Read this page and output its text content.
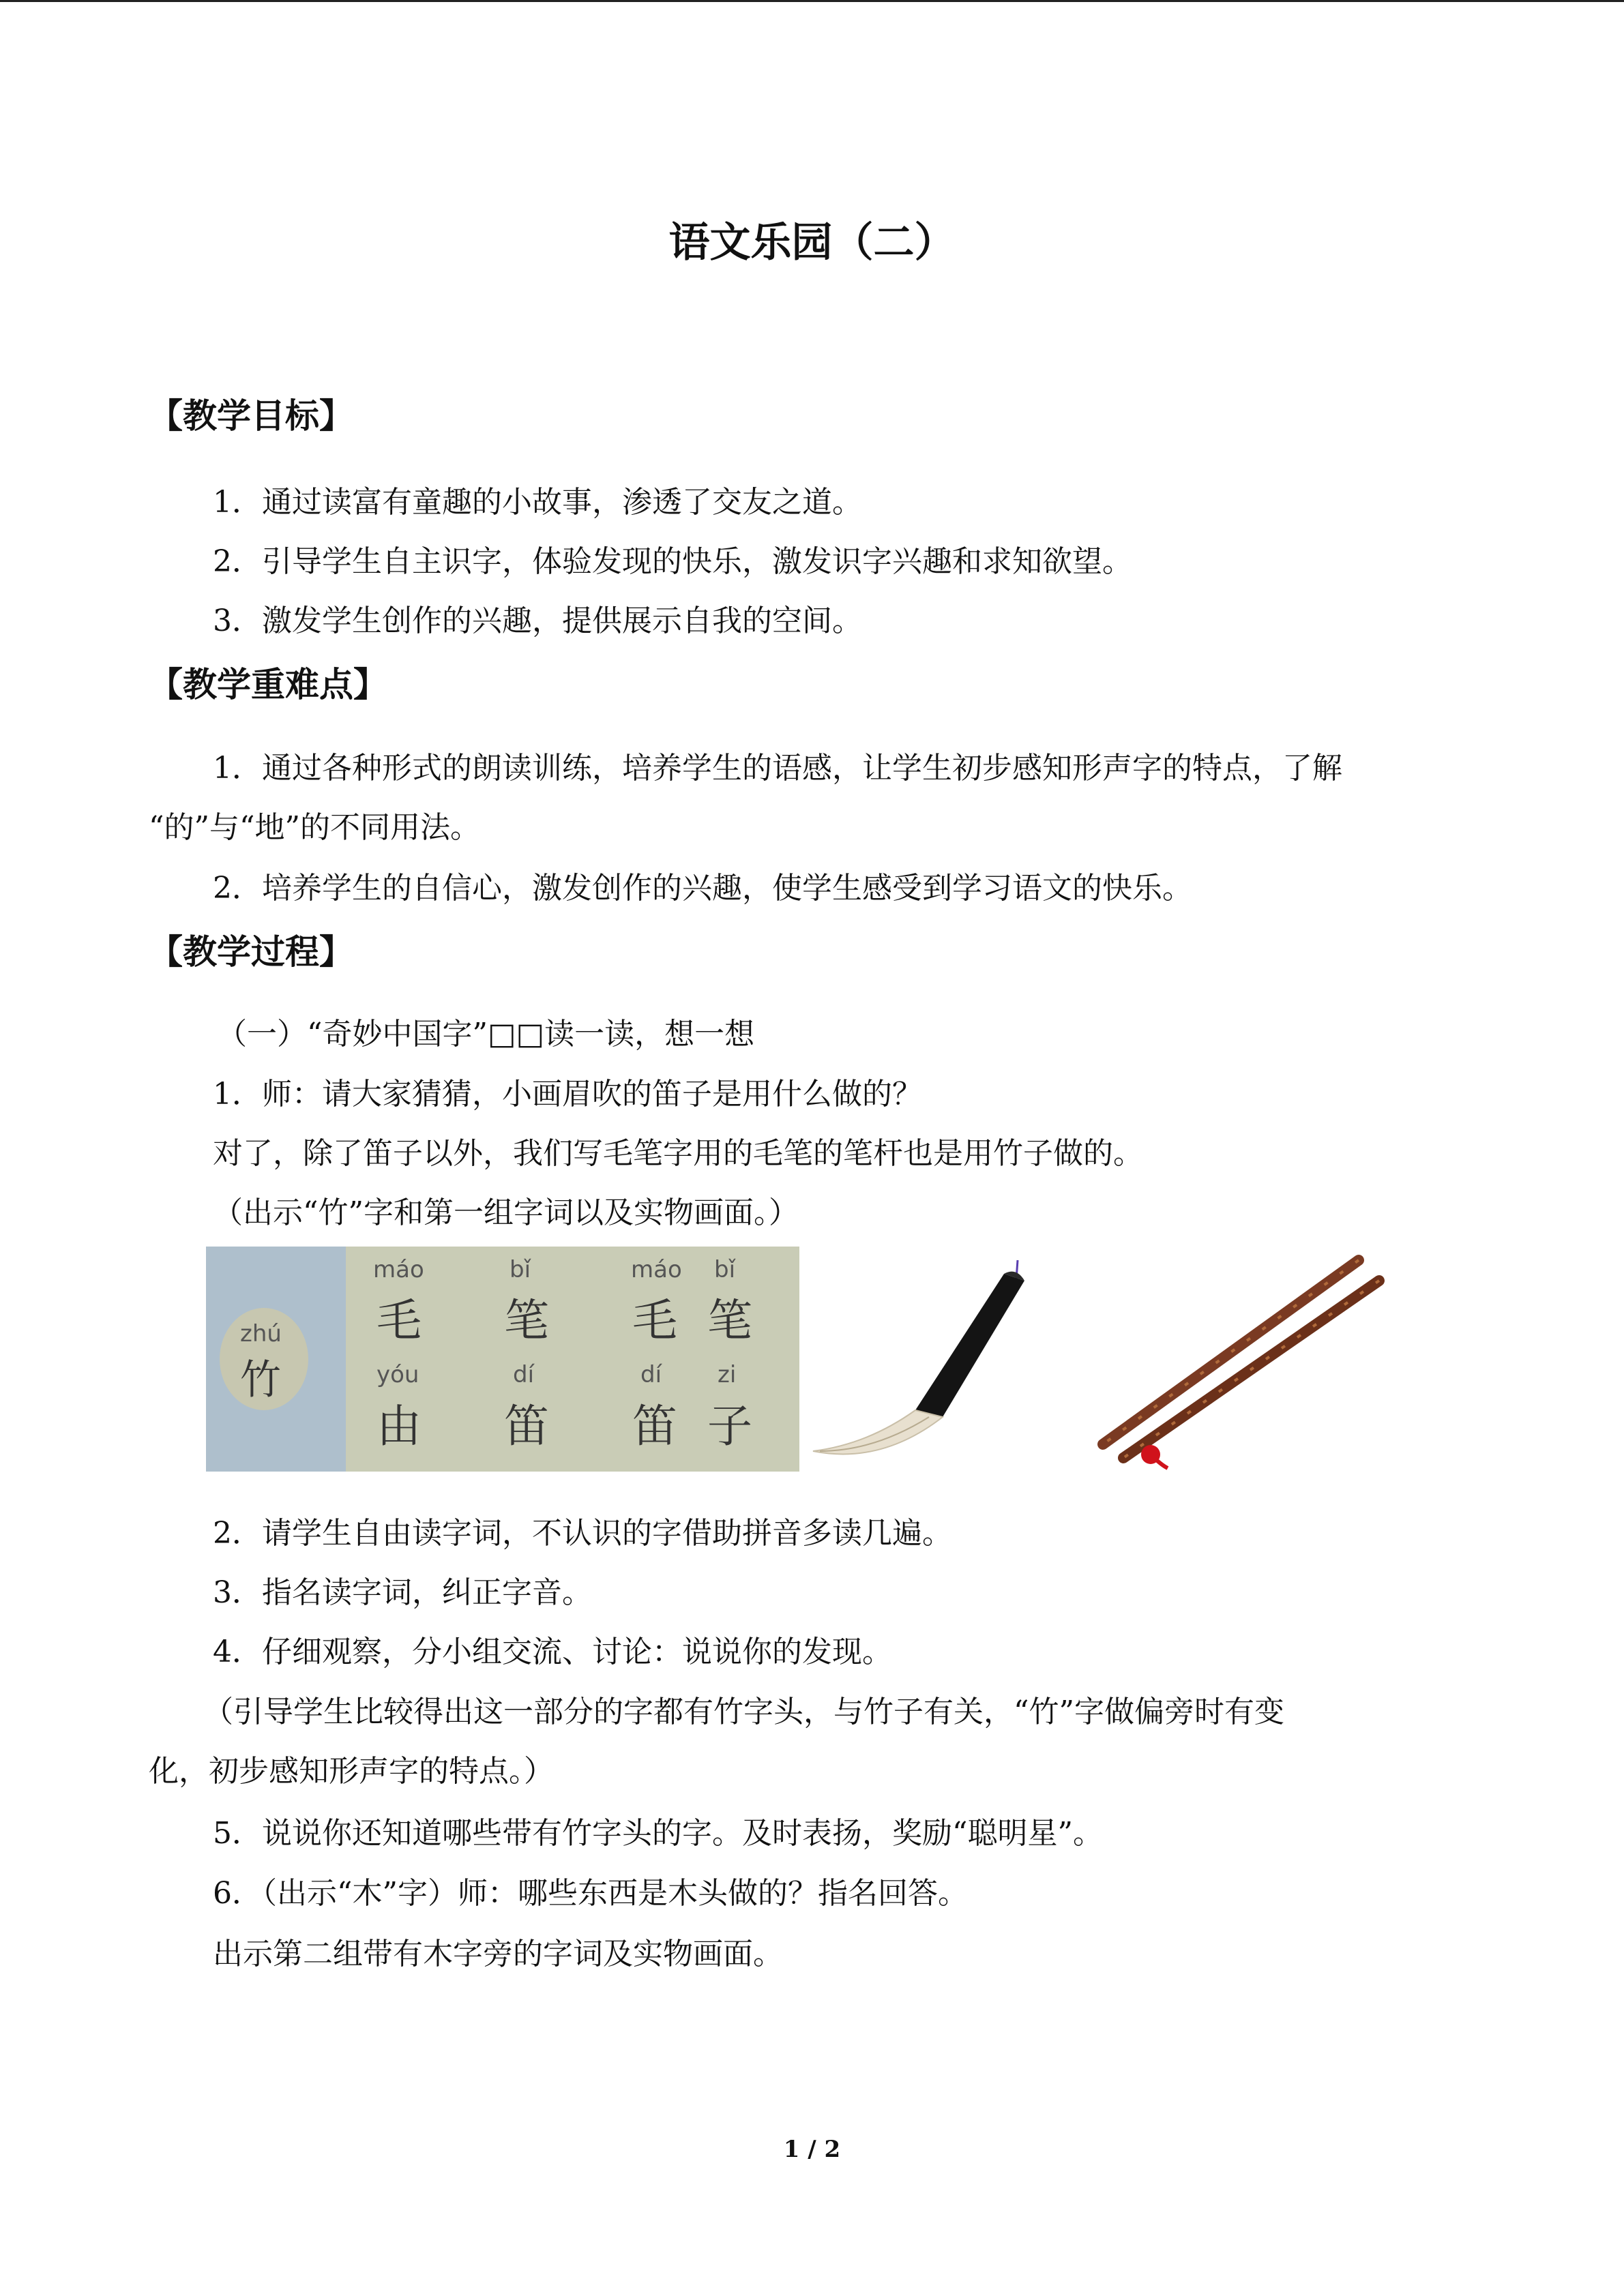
语文乐园（二）
【教学目标】
1．通过读富有童趣的小故事，渗透了交友之道。
2．引导学生自主识字，体验发现的快乐，激发识字兴趣和求知欲望。
3．激发学生创作的兴趣，提供展示自我的空间。
【教学重难点】
1．通过各种形式的朗读训练，培养学生的语感，让学生初步感知形声字的特点，了解
“的”与“地”的不同用法。
2．培养学生的自信心，激发创作的兴趣，使学生感受到学习语文的快乐。
【教学过程】
（一）“奇妙中国字”□□读一读，想一想
1．师：请大家猜猜，小画眉吹的笛子是用什么做的？
对了，除了笛子以外，我们写毛笔字用的毛笔的笔杆也是用竹子做的。
（出示“竹”字和第一组字词以及实物画面。）
zhú
竹
máo
毛
bǐ
笔
máo
毛
bǐ
笔
yóu
由
dí
笛
dí
笛
zi
子
2．请学生自由读字词，不认识的字借助拼音多读几遍。
3．指名读字词，纠正字音。
4．仔细观察，分小组交流、讨论：说说你的发现。
（引导学生比较得出这一部分的字都有竹字头，与竹子有关，“竹”字做偏旁时有变
化，初步感知形声字的特点。）
5．说说你还知道哪些带有竹字头的字。及时表扬，奖励“聪明星”。
6．（出示“木”字）师：哪些东西是木头做的？指名回答。
出示第二组带有木字旁的字词及实物画面。
1 / 2
